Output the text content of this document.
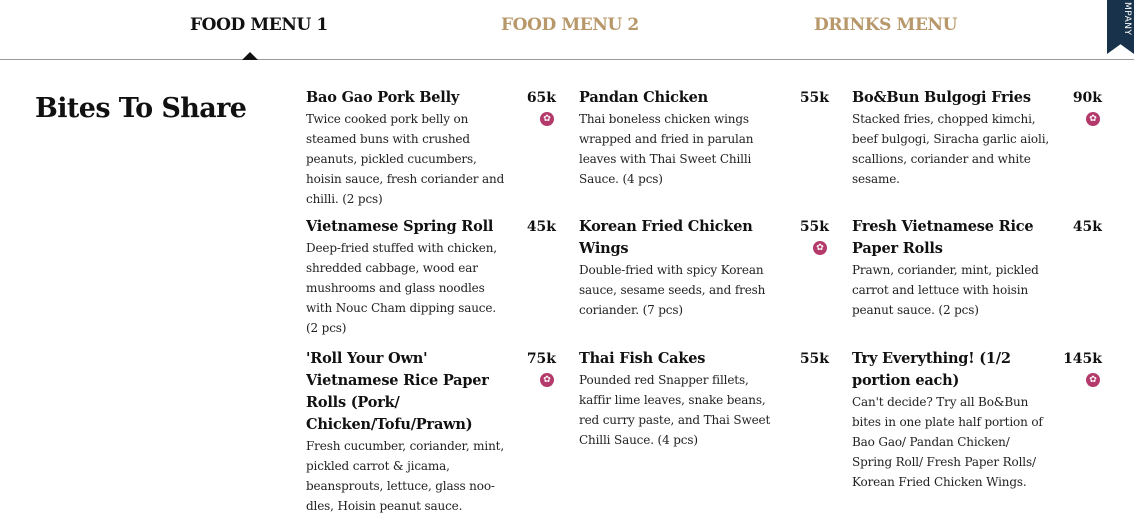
FOOD MENU 1	FOOD MENU 2	DRINKS MENU	MPANY
Bites To Share	Bao Gao Pork Belly	65k
Twice cooked pork belly on steamed buns with crushed peanuts, pickled cucumbers, hoisin sauce, fresh coriander and chilli. (2 pcs)
✿
Pandan Chicken	55k
Thai boneless chicken wings wrapped and fried in parulan leaves with Thai Sweet Chilli Sauce. (4 pcs)
Bo&Bun Bulgogi Fries	90k
Stacked fries, chopped kimchi, beef bulgogi, Siracha garlic aioli, scallions, coriander and white sesame.
✿
Vietnamese Spring Roll	45k
Deep-fried stuffed with chicken, shredded cabbage, wood ear mushrooms and glass noodles with Nouc Cham dipping sauce. (2 pcs)
Korean Fried Chicken Wings
55k
Double-fried with spicy Korean sauce, sesame seeds, and fresh coriander. (7 pcs)
✿
Fresh Vietnamese Rice Paper Rolls
45k
Prawn, coriander, mint, pickled carrot and lettuce with hoisin peanut sauce. (2 pcs)
'Roll Your Own' Vietnamese Rice Paper Rolls (Pork/ Chicken/Tofu/Prawn)
75k
Fresh cucumber, coriander, mint, pickled carrot & jicama, beansprouts, lettuce, glass noo-dles, Hoisin peanut sauce.
✿
Thai Fish Cakes	55k
Pounded red Snapper fillets, kaffir lime leaves, snake beans, red curry paste, and Thai Sweet Chilli Sauce. (4 pcs)
Try Everything! (1/2 portion each)
145k
Can't decide? Try all Bo&Bun bites in one plate half portion of Bao Gao/ Pandan Chicken/ Spring Roll/ Fresh Paper Rolls/ Korean Fried Chicken Wings.
✿
